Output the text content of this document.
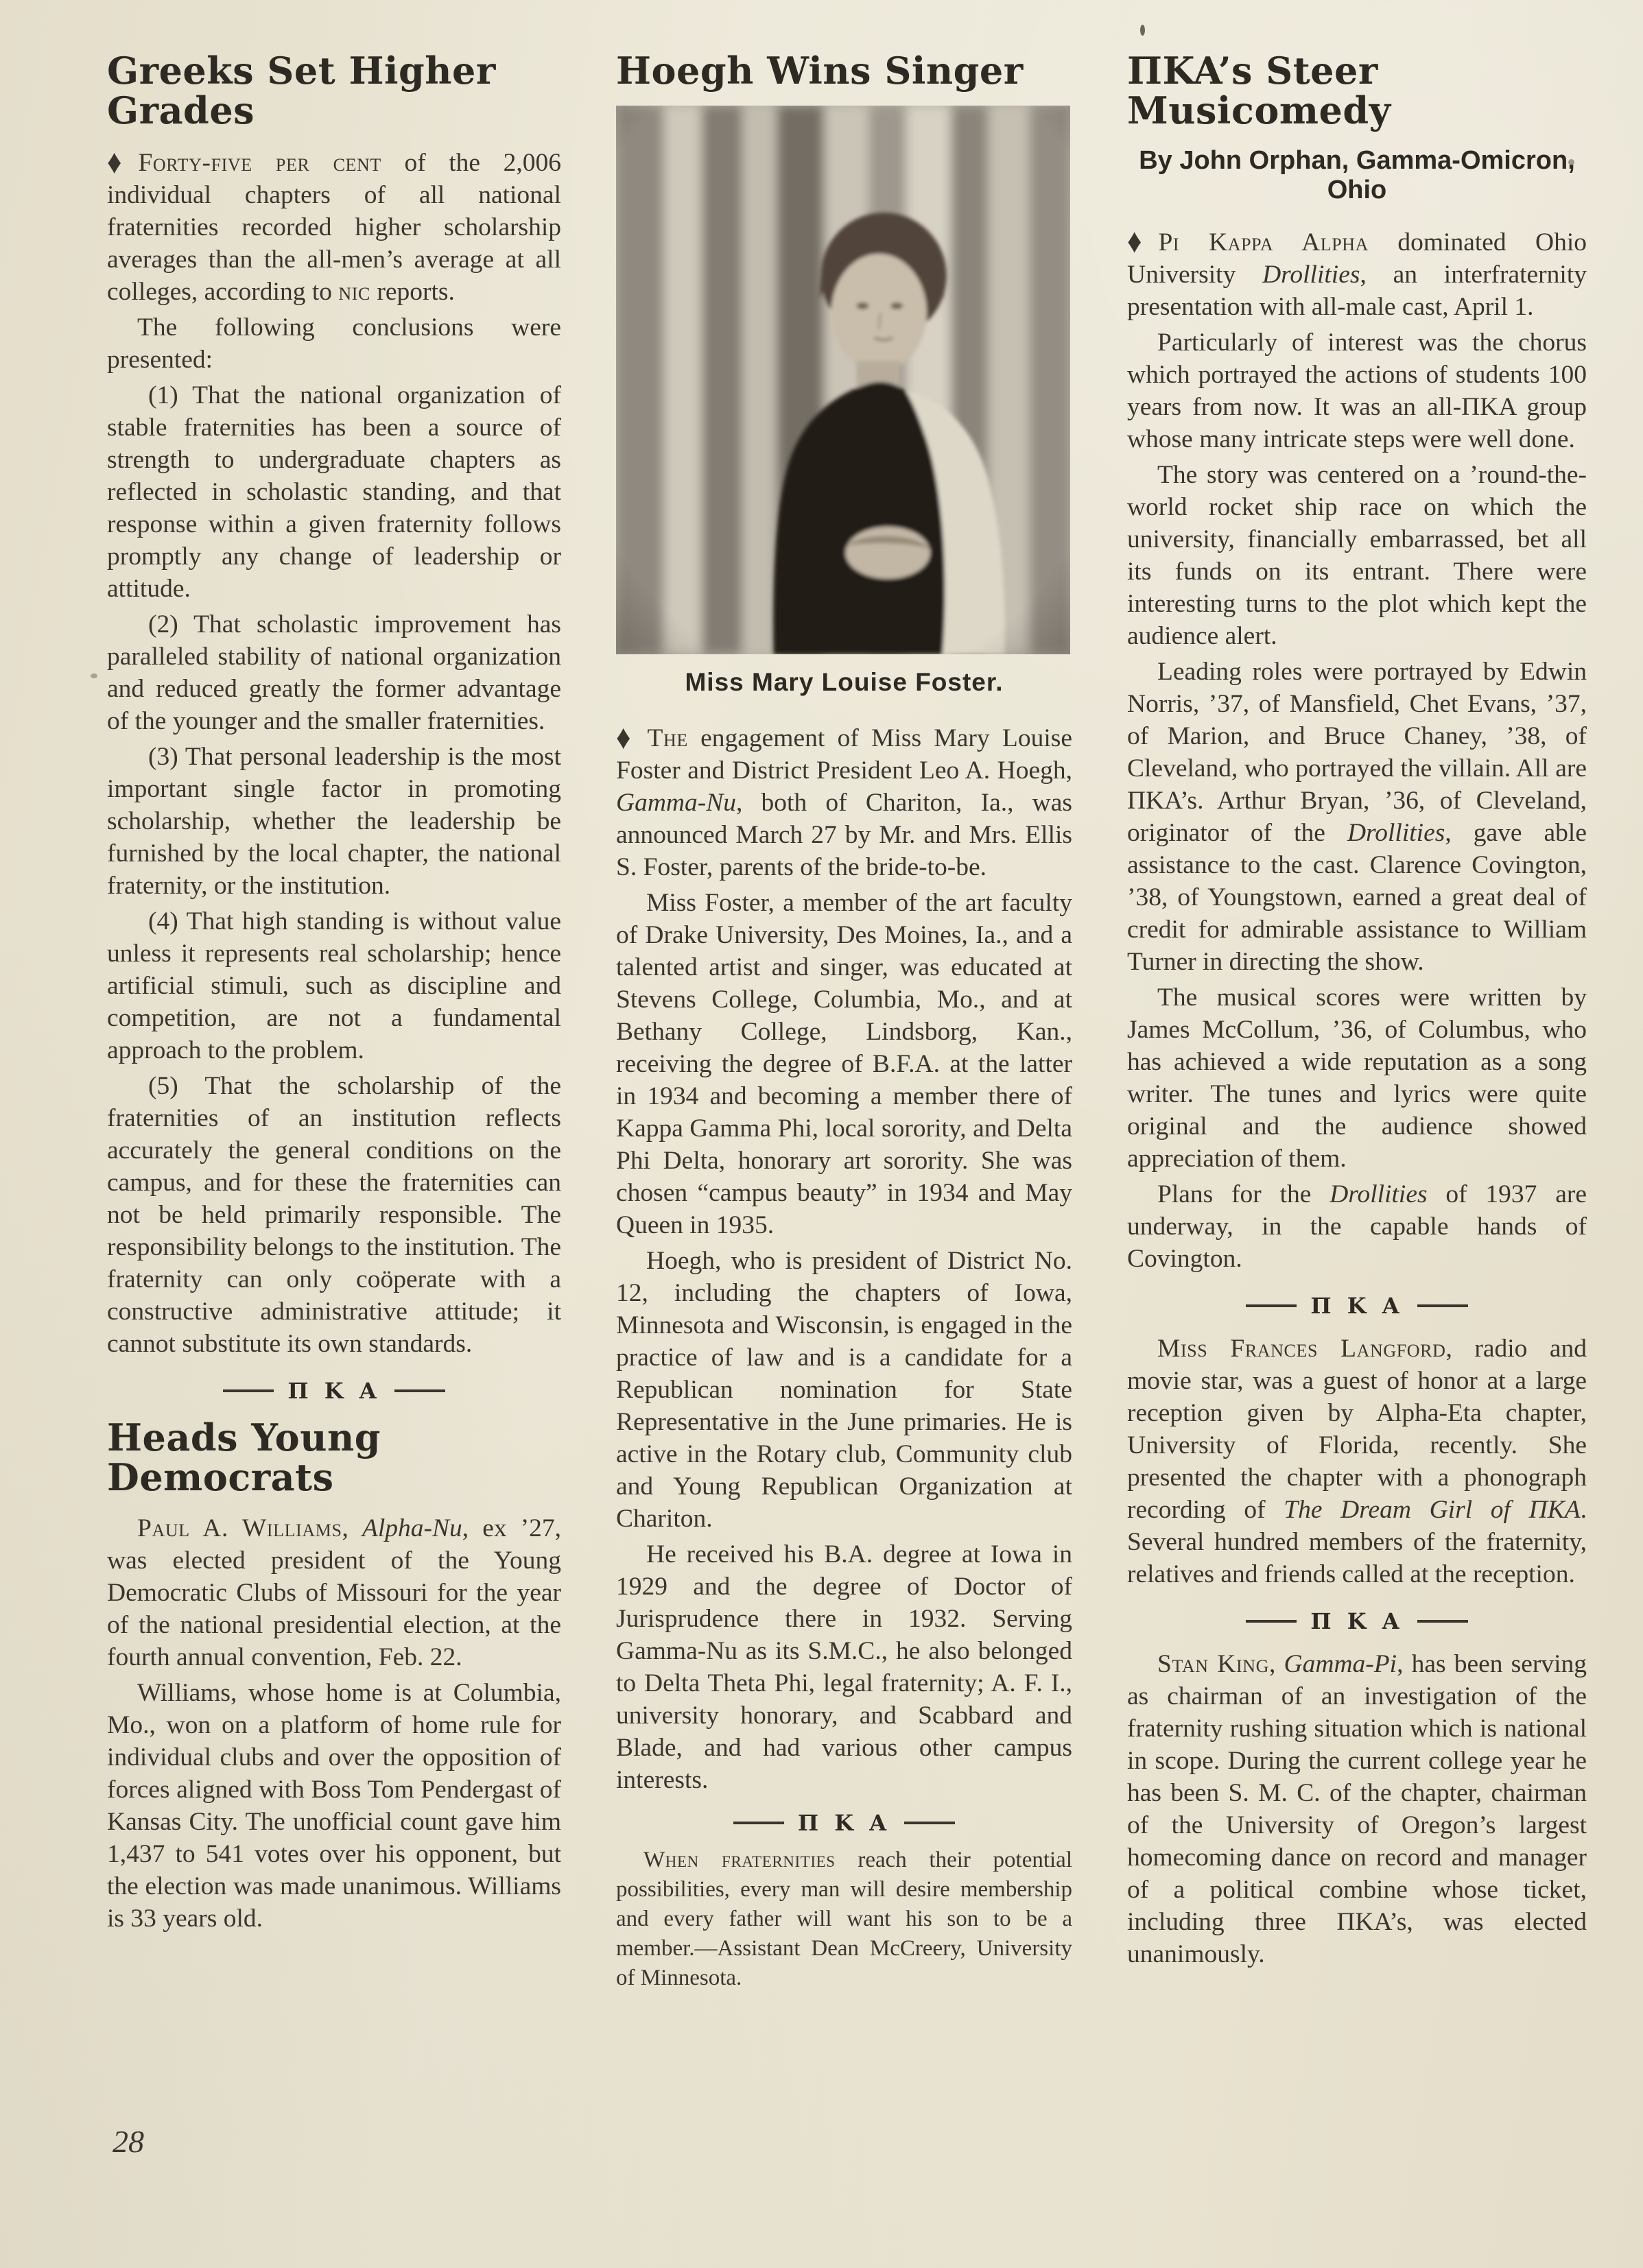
Greeks Set Higher Grades

♦ Forty-five per cent of the 2,006 individual chapters of all national fraternities recorded higher scholarship averages than the all-men’s average at all colleges, according to nic reports.

The following conclusions were presented:

(1) That the national organization of stable fraternities has been a source of strength to undergraduate chapters as reflected in scholastic standing, and that response within a given fraternity follows promptly any change of leadership or attitude.

(2) That scholastic improvement has paralleled stability of national organization and reduced greatly the former advantage of the younger and the smaller fraternities.

(3) That personal leadership is the most important single factor in promoting scholarship, whether the leadership be furnished by the local chapter, the national fraternity, or the institution.

(4) That high standing is without value unless it represents real scholarship; hence artificial stimuli, such as discipline and competition, are not a fundamental approach to the problem.

(5) That the scholarship of the fraternities of an institution reflects accurately the general conditions on the campus, and for these the fraternities can not be held primarily responsible. The responsibility belongs to the institution. The fraternity can only coöperate with a constructive administrative attitude; it cannot substitute its own standards.

Π K A
Heads Young Democrats

Paul A. Williams, Alpha-Nu, ex ’27, was elected president of the Young Democratic Clubs of Missouri for the year of the national presidential election, at the fourth annual convention, Feb. 22.

Williams, whose home is at Columbia, Mo., won on a platform of home rule for individual clubs and over the opposition of forces aligned with Boss Tom Pendergast of Kansas City. The unofficial count gave him 1,437 to 541 votes over his opponent, but the election was made unanimous. Williams is 33 years old.

Hoegh Wins Singer
Miss Mary Louise Foster.

♦ The engagement of Miss Mary Louise Foster and District President Leo A. Hoegh, Gamma-Nu, both of Chariton, Ia., was announced March 27 by Mr. and Mrs. Ellis S. Foster, parents of the bride-to-be.

Miss Foster, a member of the art faculty of Drake University, Des Moines, Ia., and a talented artist and singer, was educated at Stevens College, Columbia, Mo., and at Bethany College, Lindsborg, Kan., receiving the degree of B.F.A. at the latter in 1934 and becoming a member there of Kappa Gamma Phi, local sorority, and Delta Phi Delta, honorary art sorority. She was chosen “campus beauty” in 1934 and May Queen in 1935.

Hoegh, who is president of District No. 12, including the chapters of Iowa, Minnesota and Wisconsin, is engaged in the practice of law and is a candidate for a Republican nomination for State Representative in the June primaries. He is active in the Rotary club, Community club and Young Republican Organization at Chariton.

He received his B.A. degree at Iowa in 1929 and the degree of Doctor of Jurisprudence there in 1932. Serving Gamma-Nu as its S.M.C., he also belonged to Delta Theta Phi, legal fraternity; A. F. I., university honorary, and Scabbard and Blade, and had various other campus interests.

Π K A

When fraternities reach their potential possibilities, every man will desire membership and every father will want his son to be a member.—Assistant Dean McCreery, University of Minnesota.

ΠKA’s Steer Musicomedy
By John Orphan, Gamma-Omicron, Ohio

♦ Pi Kappa Alpha dominated Ohio University Drollities, an interfraternity presentation with all-male cast, April 1.

Particularly of interest was the chorus which portrayed the actions of students 100 years from now. It was an all-ΠKA group whose many intricate steps were well done.

The story was centered on a ’round-the-world rocket ship race on which the university, financially embarrassed, bet all its funds on its entrant. There were interesting turns to the plot which kept the audience alert.

Leading roles were portrayed by Edwin Norris, ’37, of Mansfield, Chet Evans, ’37, of Marion, and Bruce Chaney, ’38, of Cleveland, who portrayed the villain. All are ΠKA’s. Arthur Bryan, ’36, of Cleveland, originator of the Drollities, gave able assistance to the cast. Clarence Covington, ’38, of Youngstown, earned a great deal of credit for admirable assistance to William Turner in directing the show.

The musical scores were written by James McCollum, ’36, of Columbus, who has achieved a wide reputation as a song writer. The tunes and lyrics were quite original and the audience showed appreciation of them.

Plans for the Drollities of 1937 are underway, in the capable hands of Covington.

Π K A

Miss Frances Langford, radio and movie star, was a guest of honor at a large reception given by Alpha-Eta chapter, University of Florida, recently. She presented the chapter with a phonograph recording of The Dream Girl of ΠKA. Several hundred members of the fraternity, relatives and friends called at the reception.

Π K A

Stan King, Gamma-Pi, has been serving as chairman of an investigation of the fraternity rushing situation which is national in scope. During the current college year he has been S. M. C. of the chapter, chairman of the University of Oregon’s largest homecoming dance on record and manager of a political combine whose ticket, including three ΠKA’s, was elected unanimously.

28
